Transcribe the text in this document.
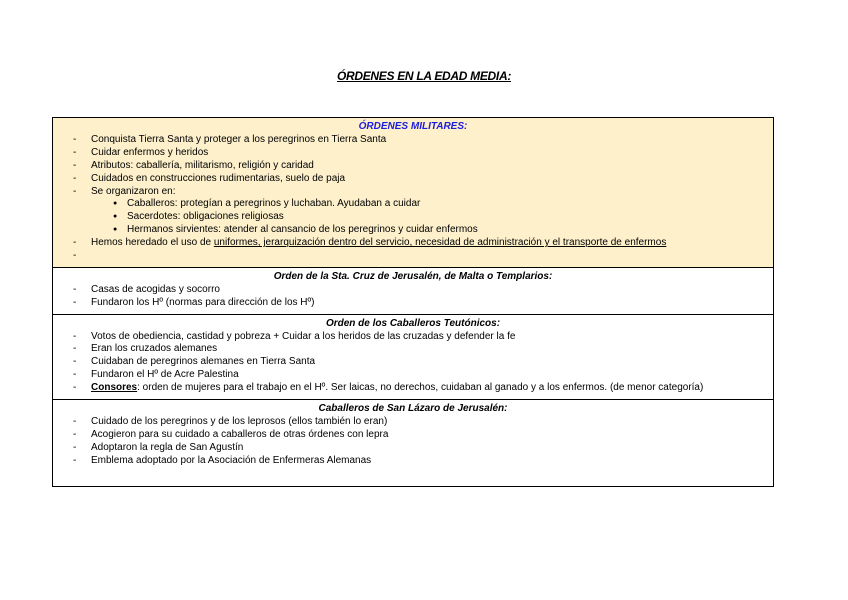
ÓRDENES EN LA EDAD MEDIA:
ÓRDENES MILITARES:
- Conquista Tierra Santa y proteger a los peregrinos en Tierra Santa
- Cuidar enfermos y heridos
- Atributos: caballería, militarismo, religión y caridad
- Cuidados en construcciones rudimentarias, suelo de paja
- Se organizaron en:
● Caballeros: protegían a peregrinos y luchaban. Ayudaban a cuidar
● Sacerdotes: obligaciones religiosas
● Hermanos sirvientes: atender al cansancio de los peregrinos y cuidar enfermos
- Hemos heredado el uso de uniformes, jerarquización dentro del servicio, necesidad de administración y el transporte de enfermos
-
Orden de la Sta. Cruz de Jerusalén, de Malta o Templarios:
- Casas de acogidas y socorro
- Fundaron los Hº (normas para dirección de los Hº)
Orden de los Caballeros Teutónicos:
- Votos de obediencia, castidad y pobreza + Cuidar a los heridos de las cruzadas y defender la fe
- Eran los cruzados alemanes
- Cuidaban de peregrinos alemanes en Tierra Santa
- Fundaron el Hº de Acre Palestina
- Consores: orden de mujeres para el trabajo en el Hº. Ser laicas, no derechos, cuidaban al ganado y a los enfermos. (de menor categoría)
Caballeros de San Lázaro de Jerusalén:
- Cuidado de los peregrinos y de los leprosos (ellos también lo eran)
- Acogieron para su cuidado a caballeros de otras órdenes con lepra
- Adoptaron la regla de San Agustín
- Emblema adoptado por la Asociación de Enfermeras Alemanas
